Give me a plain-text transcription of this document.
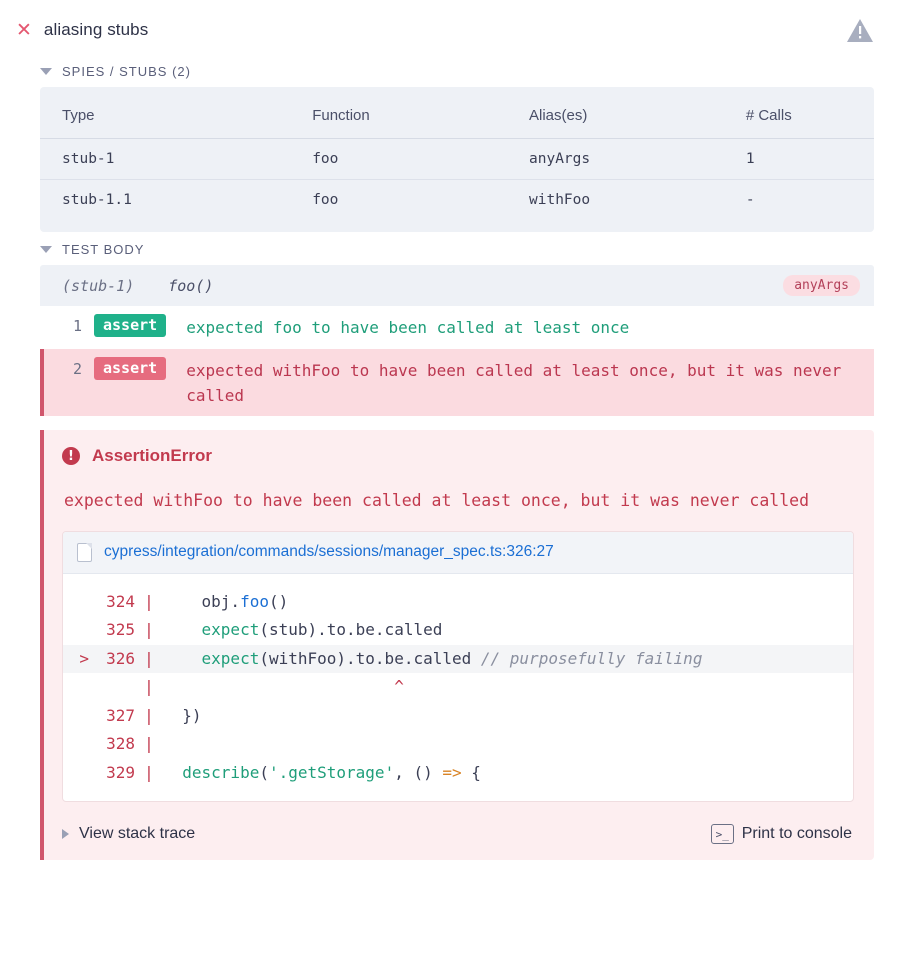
✕ aliasing stubs
SPIES / STUBS (2)
Type	Function	Alias(es)	# Calls
stub-1	foo	anyArgs	1
stub-1.1	foo	withFoo	-
TEST BODY
(stub-1) foo()	anyArgs
1	assert	expected foo to have been called at least once
2	assert	expected withFoo to have been called at least once, but it was never called
!	AssertionError
expected withFoo to have been called at least once, but it was never called
cypress/integration/commands/sessions/manager_spec.ts:326:27
324 | obj.foo()
325 |	expect(stub).to.be.called
>	326 |	expect(withFoo).to.be.called // purposefully failing
| ^
327 | })
328 |
329 |	describe('.getStorage', () => {
View stack trace	>_ Print to console
